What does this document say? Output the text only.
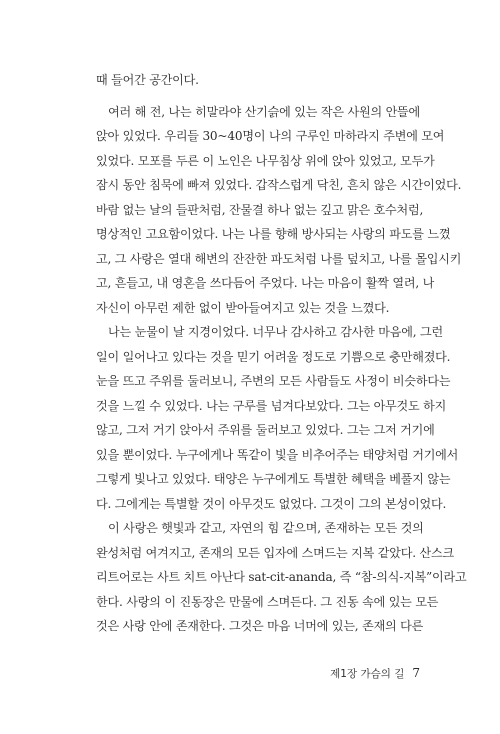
때 들어간 공간이다.
여러 해 전, 나는 히말라야 산기슭에 있는 작은 사원의 안뜰에
앉아 있었다. 우리들 30~40명이 나의 구루인 마하라지 주변에 모여
있었다. 모포를 두른 이 노인은 나무침상 위에 앉아 있었고, 모두가
잠시 동안 침묵에 빠져 있었다. 갑작스럽게 닥친, 흔치 않은 시간이었다.
바람 없는 날의 들판처럼, 잔물결 하나 없는 깊고 맑은 호수처럼,
명상적인 고요함이었다. 나는 나를 향해 방사되는 사랑의 파도를 느꼈
고, 그 사랑은 열대 해변의 잔잔한 파도처럼 나를 덮치고, 나를 몰입시키
고, 흔들고, 내 영혼을 쓰다듬어 주었다. 나는 마음이 활짝 열려, 나
자신이 아무런 제한 없이 받아들여지고 있는 것을 느꼈다.
나는 눈물이 날 지경이었다. 너무나 감사하고 감사한 마음에, 그런
일이 일어나고 있다는 것을 믿기 어려울 정도로 기쁨으로 충만해졌다.
눈을 뜨고 주위를 둘러보니, 주변의 모든 사람들도 사정이 비슷하다는
것을 느낄 수 있었다. 나는 구루를 넘겨다보았다. 그는 아무것도 하지
않고, 그저 거기 앉아서 주위를 둘러보고 있었다. 그는 그저 거기에
있을 뿐이었다. 누구에게나 똑같이 빛을 비추어주는 태양처럼 거기에서
그렇게 빛나고 있었다. 태양은 누구에게도 특별한 혜택을 베풀지 않는
다. 그에게는 특별할 것이 아무것도 없었다. 그것이 그의 본성이었다.
이 사랑은 햇빛과 같고, 자연의 힘 같으며, 존재하는 모든 것의
완성처럼 여겨지고, 존재의 모든 입자에 스며드는 지복 같았다. 산스크
리트어로는 사트 치트 아난다 sat-cit-ananda, 즉 “참-의식-지복”이라고
한다. 사랑의 이 진동장은 만물에 스며든다. 그 진동 속에 있는 모든
것은 사랑 안에 존재한다. 그것은 마음 너머에 있는, 존재의 다른
제1장 가슴의 길 7
